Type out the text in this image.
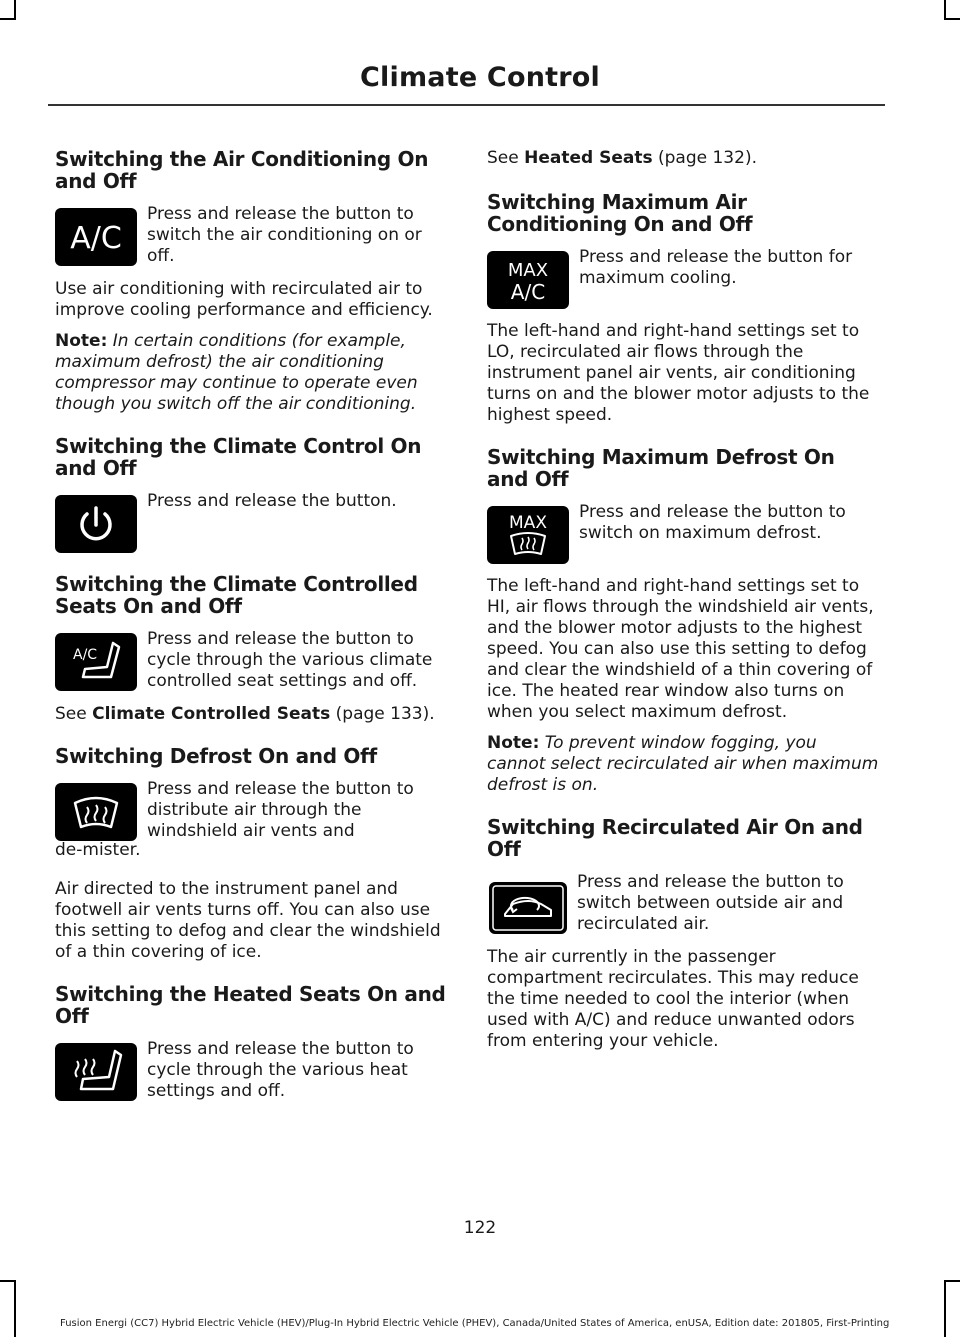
Climate Control
Switching the Air Conditioning On and Off
A/C
Press and release the button to switch the air conditioning on or off.

Use air conditioning with recirculated air to improve cooling performance and efficiency.

Note: In certain conditions (for example, maximum defrost) the air conditioning compressor may continue to operate even though you switch off the air conditioning.

Switching the Climate Control On and Off
Press and release the button.
Switching the Climate Controlled Seats On and Off
A/C
Press and release the button to cycle through the various climate controlled seat settings and off.

See Climate Controlled Seats (page 133).

Switching Defrost On and Off
Press and release the button to distribute air through the windshield air vents and

de-mister.

Air directed to the instrument panel and footwell air vents turns off. You can also use this setting to defog and clear the windshield of a thin covering of ice.

Switching the Heated Seats On and Off
Press and release the button to cycle through the various heat settings and off.

See Heated Seats (page 132).

Switching Maximum Air Conditioning On and Off
MAX
A/C
Press and release the button for maximum cooling.

The left-hand and right-hand settings set to LO, recirculated air flows through the instrument panel air vents, air conditioning turns on and the blower motor adjusts to the highest speed.

Switching Maximum Defrost On and Off
MAX
Press and release the button to switch on maximum defrost.

The left-hand and right-hand settings set to HI, air flows through the windshield air vents, and the blower motor adjusts to the highest speed. You can also use this setting to defog and clear the windshield of a thin covering of ice. The heated rear window also turns on when you select maximum defrost.

Note: To prevent window fogging, you cannot select recirculated air when maximum defrost is on.

Switching Recirculated Air On and Off
Press and release the button to switch between outside air and recirculated air.

The air currently in the passenger compartment recirculates. This may reduce the time needed to cool the interior (when used with A/C) and reduce unwanted odors from entering your vehicle.

122
Fusion Energi (CC7) Hybrid Electric Vehicle (HEV)/Plug-In Hybrid Electric Vehicle (PHEV), Canada/United States of America, enUSA, Edition date: 201805, First-Printing
